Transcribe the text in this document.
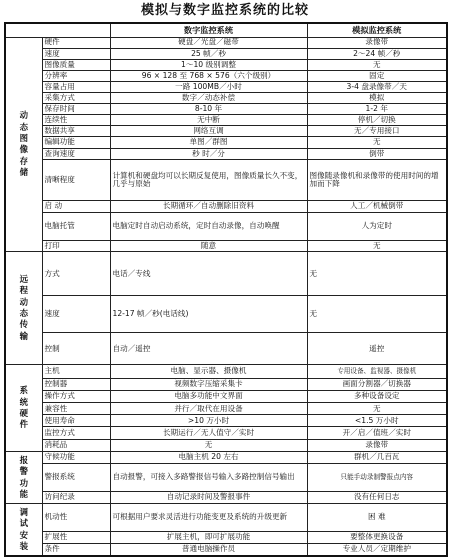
模拟与数字监控系统的比较
		数字监控系统	模拟监控系统

动态图像存储	硬件	硬盘／光盘／磁带	录像带
	速度	25 帧／秒	2～24 帧／秒
	图像质量	1～10 级别调整	无
	分辨率	96 × 128 至 768 × 576（六个级别）	固定
	容量占用	一路 100MB／小时	3-4 盘录像带／天
	采集方式	数字／动态补偿	模拟
	保存时间	8-10 年	1-2 年
	连续性	无中断	停机／切换
	数据共享	网络互调	无／专用接口
	编辑功能	单图／群图	无
	查询速度	秒 时／分	倒带
	清晰程度	计算机和硬盘均可以长期反复使用，图像质量长久不变，几乎与原始	图像随录像机和录像带的使用时间的增加而下降
	启 动	长期循环／自动删除旧资料	人工／机械倒带
	电脑托管	电脑定时自动启动系统，定时自动录像，自动唤醒	人为定时
	打印	随意	无

远程动态传输	方式	电话／专线	无
	速度	12-17 帧／秒(电话线)	无
	控制	自动／遥控	遥控

系统硬件	主机	电脑、显示器、摄像机	专用设备、监视器、摄像机
	控制器	视频数字压缩采集卡	画面分割器／切换器
	操作方式	电脑多功能中文界面	多种设备设定
	兼容性	并行／取代在用设备	无
	使用寿命	>10 万小时	<1.5 万小时
	监控方式	长期运行／无人值守／实时	开／启／值班／实时
	消耗品	无	录像带

报警功能	守候功能	电脑主机 20 左右	群机／几百瓦
	警报系统	自动报警，可接入多路警报信号输入多路控制信号输出	只能手动录制警报点内容
	访问纪录	自动记录时间及警报事件	没有任何日志

调试安装	机动性	可根据用户要求灵活进行功能变更及系统的升级更新	困 难
	扩展性	扩展主机，即可扩展功能	要整体更换设备
	条件	普通电脑操作员	专业人员／定期维护
